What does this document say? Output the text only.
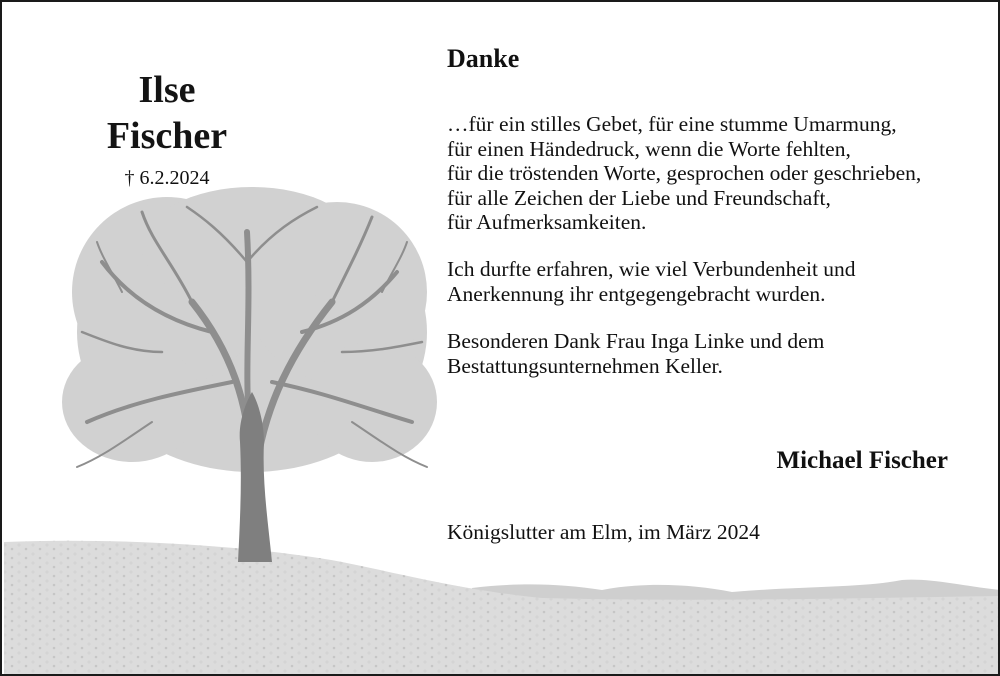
Ilse
Fischer
† 6.2.2024
Danke
…für ein stilles Gebet, für eine stumme Umarmung,
für einen Händedruck, wenn die Worte fehlten,
für die tröstenden Worte, gesprochen oder geschrieben,
für alle Zeichen der Liebe und Freundschaft,
für Aufmerksamkeiten.
Ich durfte erfahren, wie viel Verbundenheit und
Anerkennung ihr entgegengebracht wurden.
Besonderen Dank Frau Inga Linke und dem
Bestattungsunternehmen Keller.
Michael Fischer
Königslutter am Elm, im März 2024
